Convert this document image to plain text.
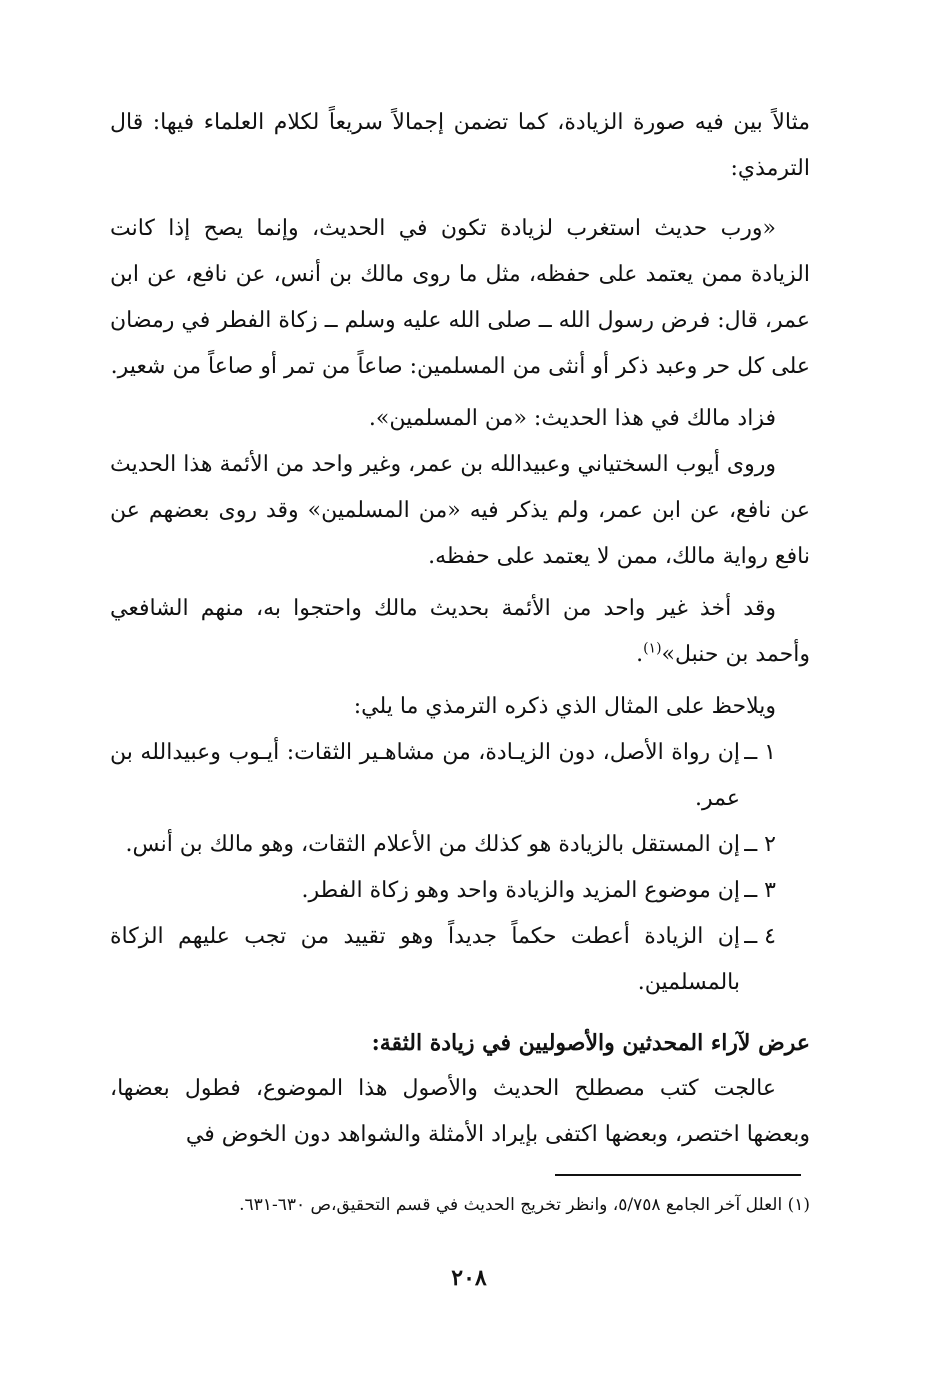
مثالاً بين فيه صورة الزيادة، كما تضمن إجمالاً سريعاً لكلام العلماء فيها: قال الترمذي:

«ورب حديث استغرب لزيادة تكون في الحديث، وإنما يصح إذا كانت الزيادة ممن يعتمد على حفظه، مثل ما روى مالك بن أنس، عن نافع، عن ابن عمر، قال: فرض رسول الله ــ صلى الله عليه وسلم ــ زكاة الفطر في رمضان على كل حر وعبد ذكر أو أنثى من المسلمين: صاعاً من تمر أو صاعاً من شعير.

فزاد مالك في هذا الحديث: «من المسلمين».

وروى أيوب السختياني وعبيدالله بن عمر، وغير واحد من الأئمة هذا الحديث عن نافع، عن ابن عمر، ولم يذكر فيه «من المسلمين» وقد روى بعضهم عن نافع رواية مالك، ممن لا يعتمد على حفظه.

وقد أخذ غير واحد من الأئمة بحديث مالك واحتجوا به، منهم الشافعي وأحمد بن حنبل»$^{(١)}$.

ويلاحظ على المثال الذي ذكره الترمذي ما يلي:

١ ــ
إن رواة الأصل، دون الزيـادة، من مشاهـير الثقات: أيـوب وعبيدالله بن عمر.
٢ ــ
إن المستقل بالزيادة هو كذلك من الأعلام الثقات، وهو مالك بن أنس.
٣ ــ
إن موضوع المزيد والزيادة واحد وهو زكاة الفطر.
٤ ــ
إن الزيادة أعطت حكماً جديداً وهو تقييد من تجب عليهم الزكاة بالمسلمين.

عرض لآراء المحدثين والأصوليين في زيادة الثقة:

عالجت كتب مصطلح الحديث والأصول هذا الموضوع، فطول بعضها، وبعضها اختصر، وبعضها اكتفى بإيراد الأمثلة والشواهد دون الخوض في

(١) العلل آخر الجامع ٥/٧٥٨، وانظر تخريج الحديث في قسم التحقيق،ص ٦٣٠-٦٣١.
٢٠٨
